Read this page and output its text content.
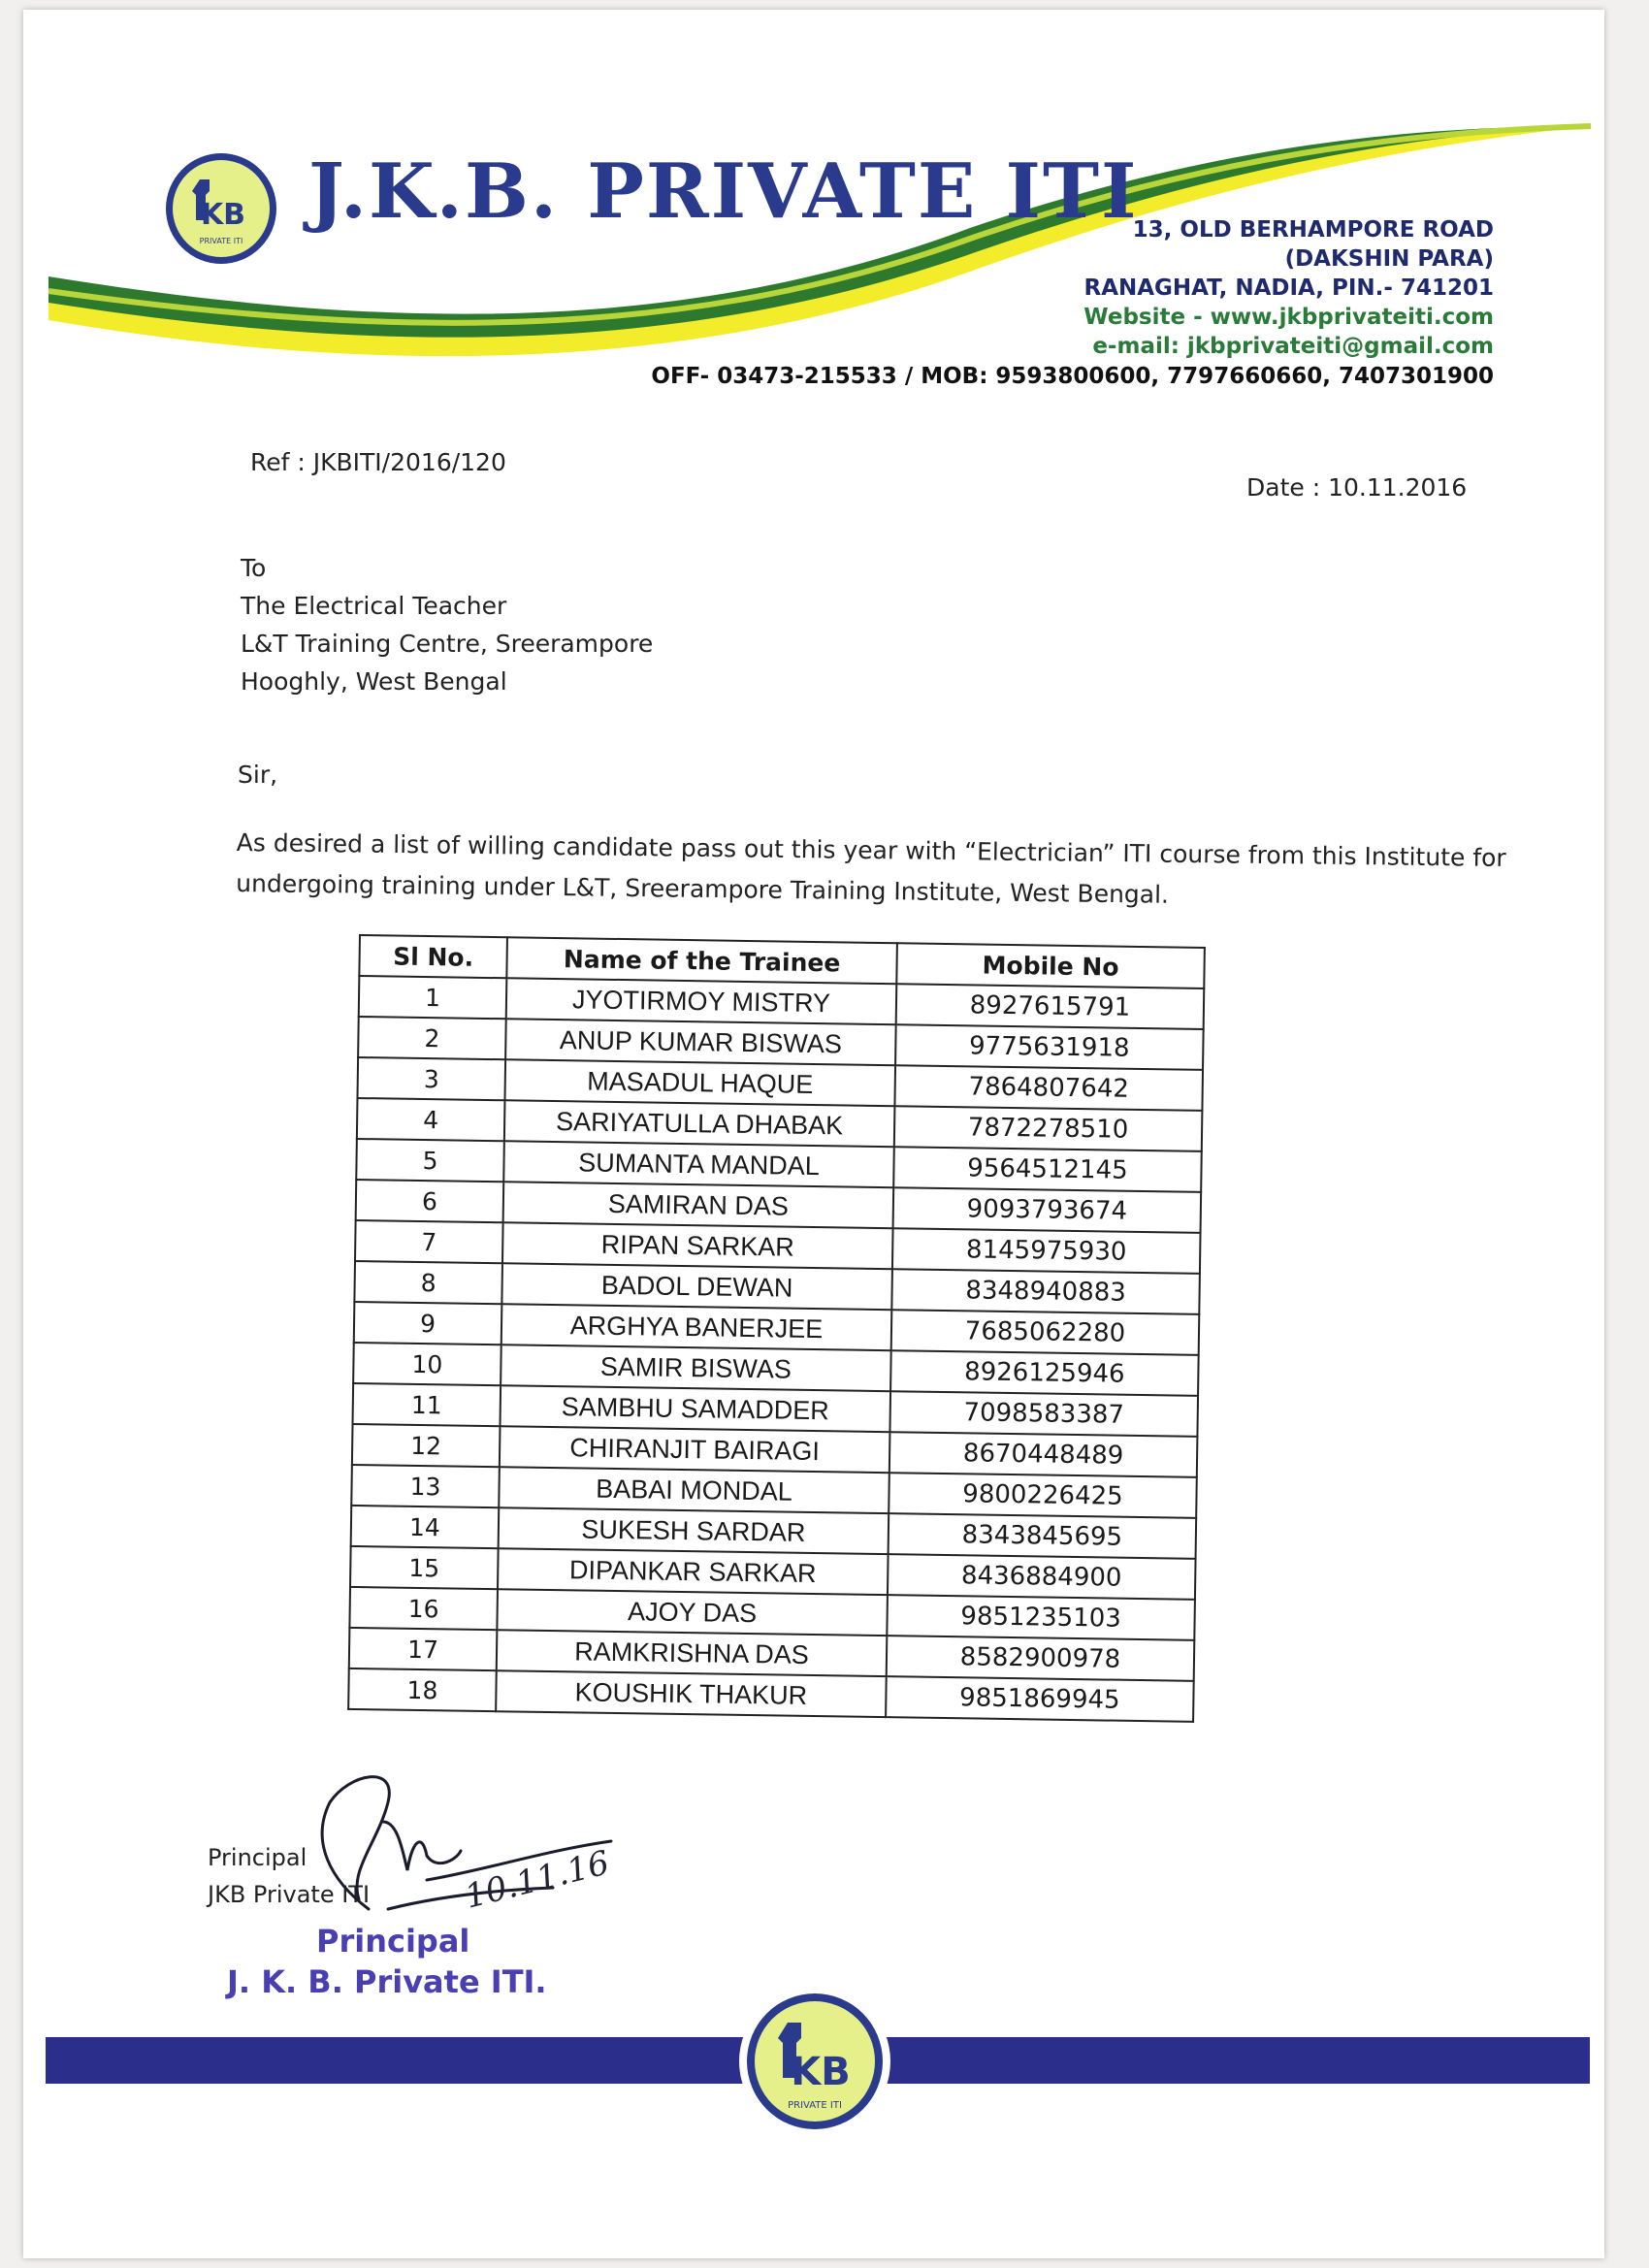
KB
PRIVATE ITI
J.K.B. PRIVATE ITI
13, OLD BERHAMPORE ROAD
(DAKSHIN PARA)
RANAGHAT, NADIA, PIN.- 741201
Website - www.jkbprivateiti.com
e-mail: jkbprivateiti@gmail.com
OFF- 03473-215533 / MOB: 9593800600, 7797660660, 7407301900
Ref : JKBITI/2016/120
Date : 10.11.2016
To
The Electrical Teacher
L&T Training Centre, Sreerampore
Hooghly, West Bengal
Sir,
As desired a list of willing candidate pass out this year with “Electrician” ITI course from this Institute for
undergoing training under L&T, Sreerampore Training Institute, West Bengal.
Sl No.	Name of the Trainee	Mobile No
1	JYOTIRMOY MISTRY	8927615791
2	ANUP KUMAR BISWAS	9775631918
3	MASADUL HAQUE	7864807642
4	SARIYATULLA DHABAK	7872278510
5	SUMANTA MANDAL	9564512145
6	SAMIRAN DAS	9093793674
7	RIPAN SARKAR	8145975930
8	BADOL DEWAN	8348940883
9	ARGHYA BANERJEE	7685062280
10	SAMIR BISWAS	8926125946
11	SAMBHU SAMADDER	7098583387
12	CHIRANJIT BAIRAGI	8670448489
13	BABAI MONDAL	9800226425
14	SUKESH SARDAR	8343845695
15	DIPANKAR SARKAR	8436884900
16	AJOY DAS	9851235103
17	RAMKRISHNA DAS	8582900978
18	KOUSHIK THAKUR	9851869945
Principal
JKB Private ITI	10.11.16
Principal
J. K. B. Private ITI.
KB
PRIVATE ITI
